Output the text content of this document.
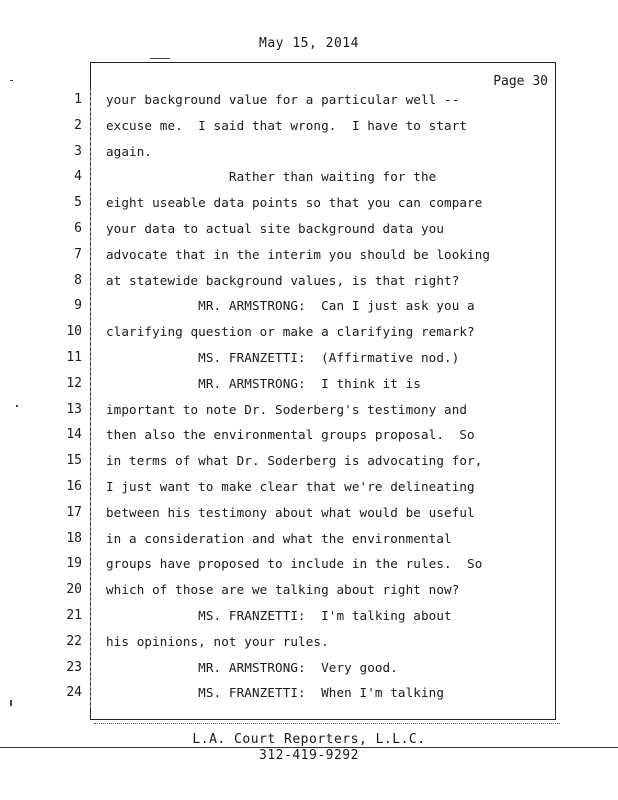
May 15, 2014
Page 30
1 your background value for a particular well --
2 excuse me.  I said that wrong.  I have to start
3 again.
4 Rather than waiting for the
5 eight useable data points so that you can compare
6 your data to actual site background data you
7 advocate that in the interim you should be looking
8 at statewide background values, is that right?
9 MR. ARMSTRONG:  Can I just ask you a
10 clarifying question or make a clarifying remark?
11 MS. FRANZETTI:  (Affirmative nod.)
12 MR. ARMSTRONG:  I think it is
13 important to note Dr. Soderberg's testimony and
14 then also the environmental groups proposal.  So
15 in terms of what Dr. Soderberg is advocating for,
16 I just want to make clear that we're delineating
17 between his testimony about what would be useful
18 in a consideration and what the environmental
19 groups have proposed to include in the rules.  So
20 which of those are we talking about right now?
21 MS. FRANZETTI:  I'm talking about
22 his opinions, not your rules.
23 MR. ARMSTRONG:  Very good.
24 MS. FRANZETTI:  When I'm talking
L.A. Court Reporters, L.L.C.
312-419-9292
